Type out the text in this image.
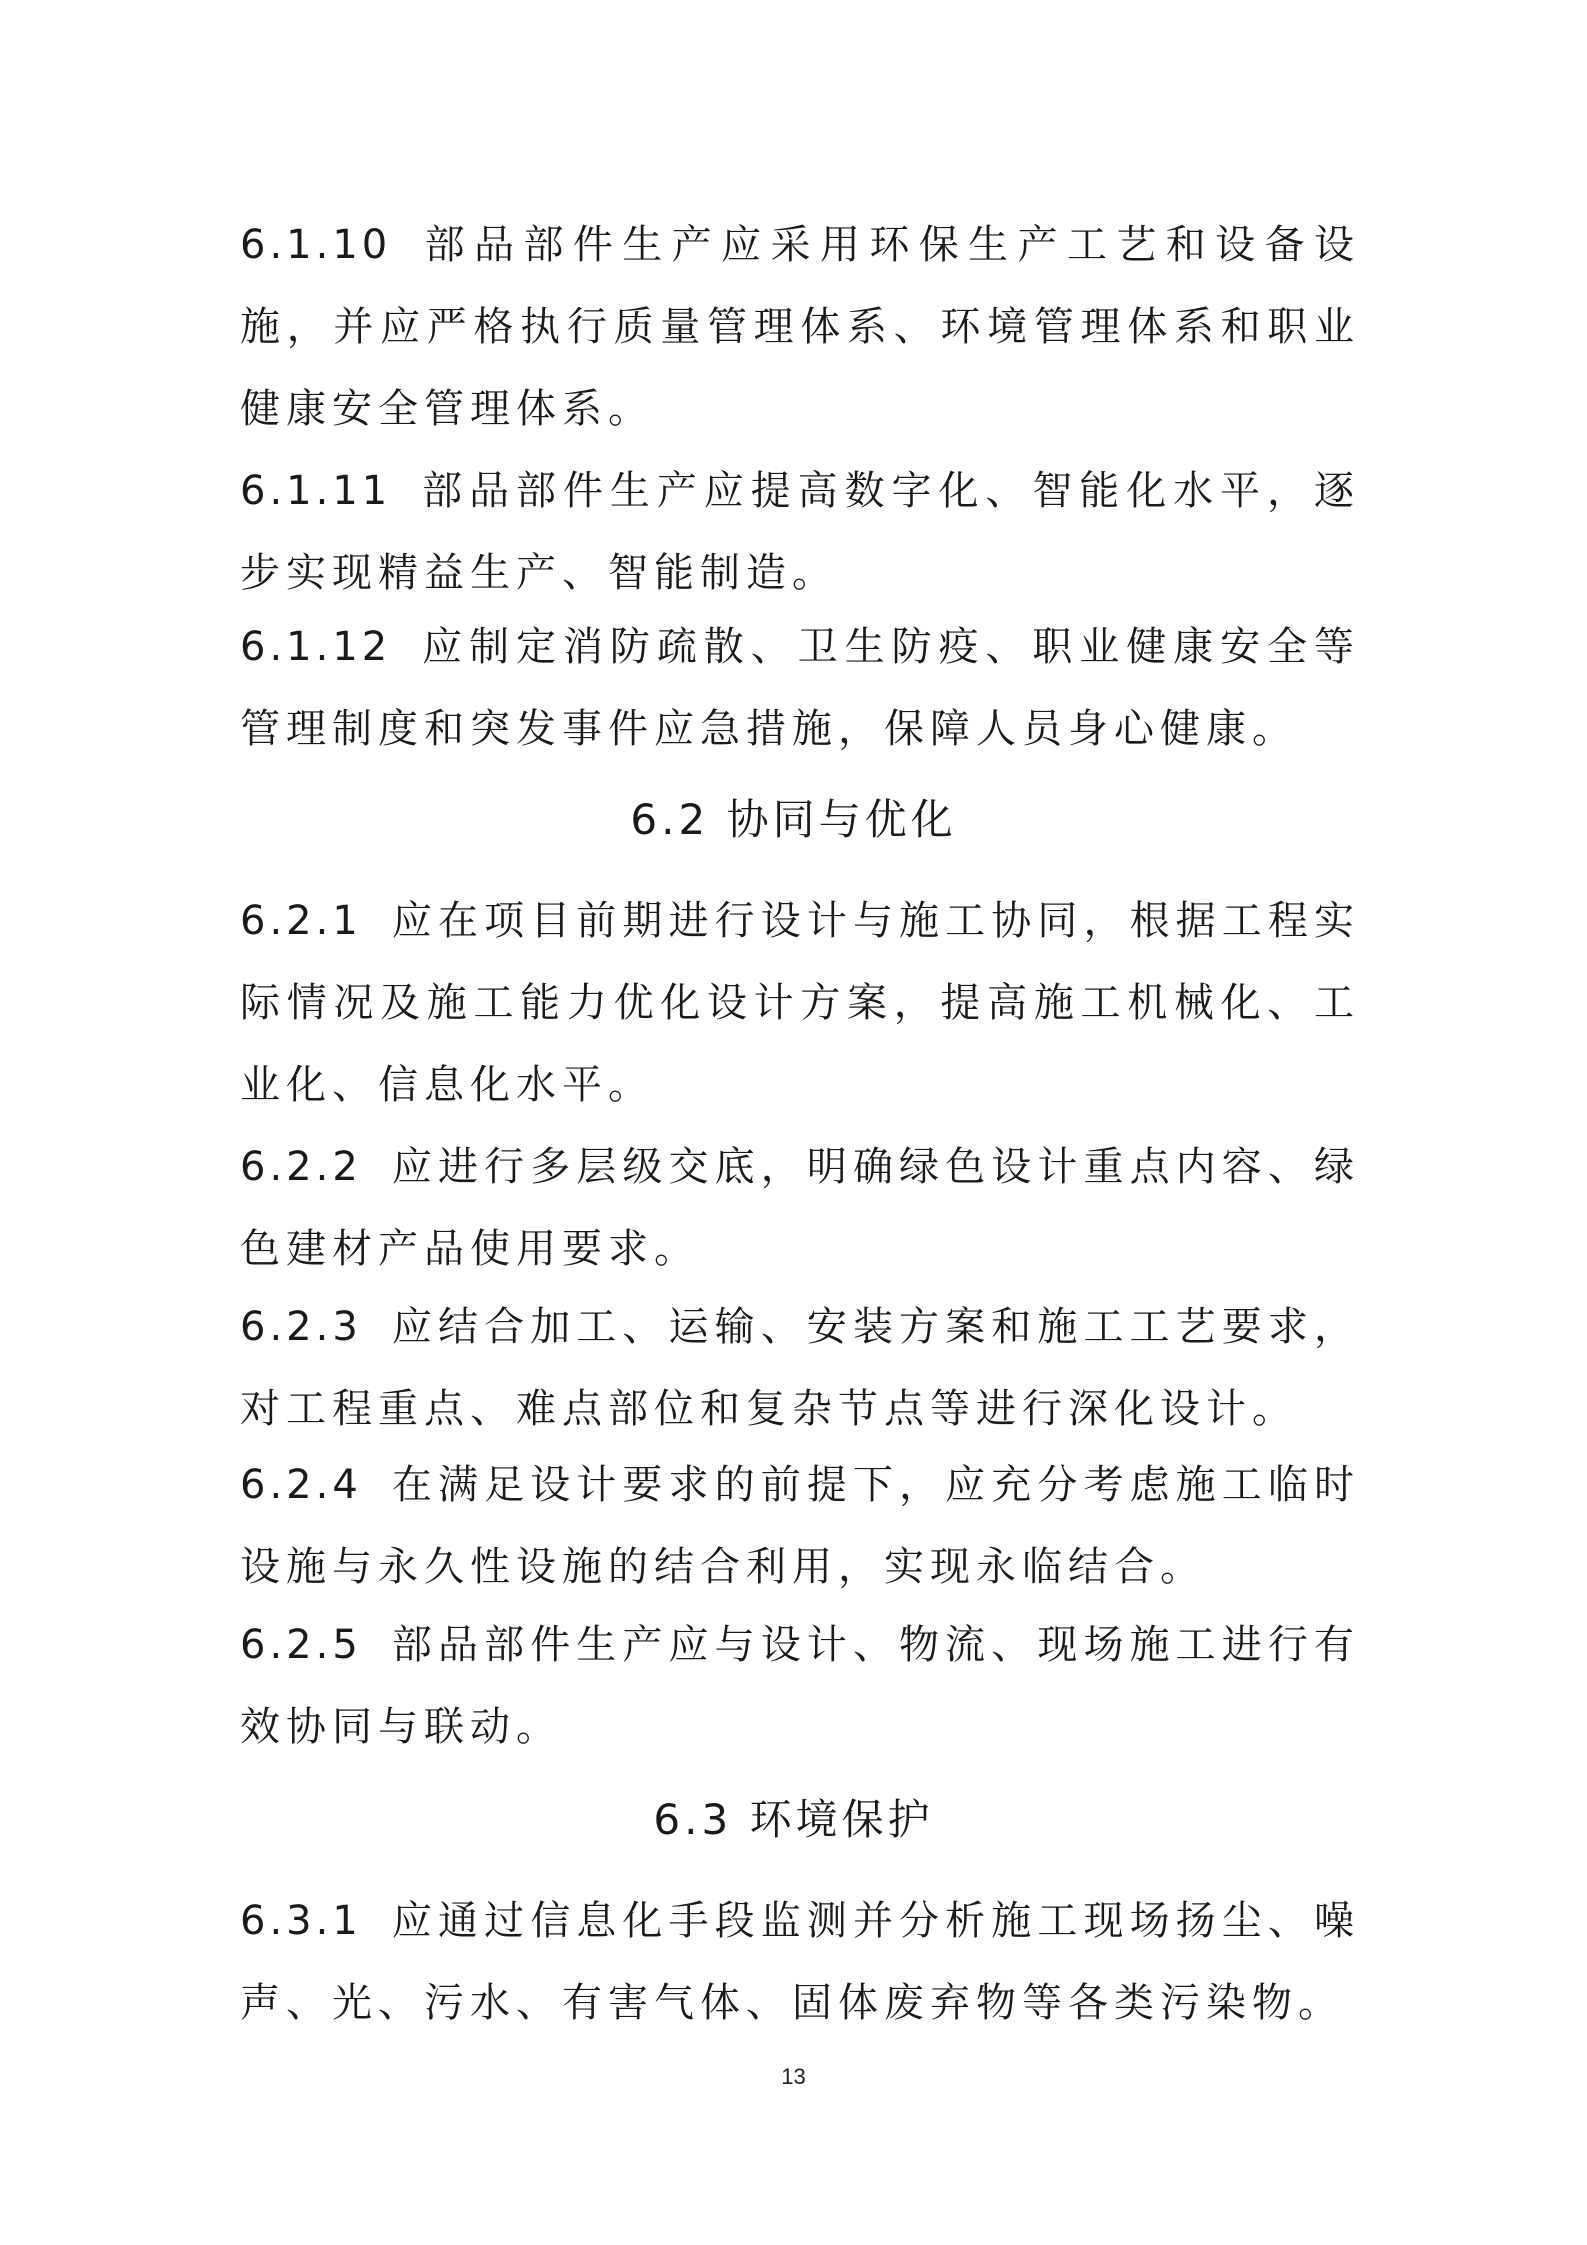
6.1.10 部品部件生产应采用环保生产工艺和设备设施，并应严格执行质量管理体系、环境管理体系和职业健康安全管理体系。

6.1.11 部品部件生产应提高数字化、智能化水平，逐步实现精益生产、智能制造。

6.1.12 应制定消防疏散、卫生防疫、职业健康安全等管理制度和突发事件应急措施，保障人员身心健康。

6.2 协同与优化

6.2.1 应在项目前期进行设计与施工协同，根据工程实际情况及施工能力优化设计方案，提高施工机械化、工业化、信息化水平。

6.2.2 应进行多层级交底，明确绿色设计重点内容、绿色建材产品使用要求。

6.2.3 应结合加工、运输、安装方案和施工工艺要求，对工程重点、难点部位和复杂节点等进行深化设计。

6.2.4 在满足设计要求的前提下，应充分考虑施工临时设施与永久性设施的结合利用，实现永临结合。

6.2.5 部品部件生产应与设计、物流、现场施工进行有效协同与联动。

6.3 环境保护

6.3.1 应通过信息化手段监测并分析施工现场扬尘、噪声、光、污水、有害气体、固体废弃物等各类污染物。

13
